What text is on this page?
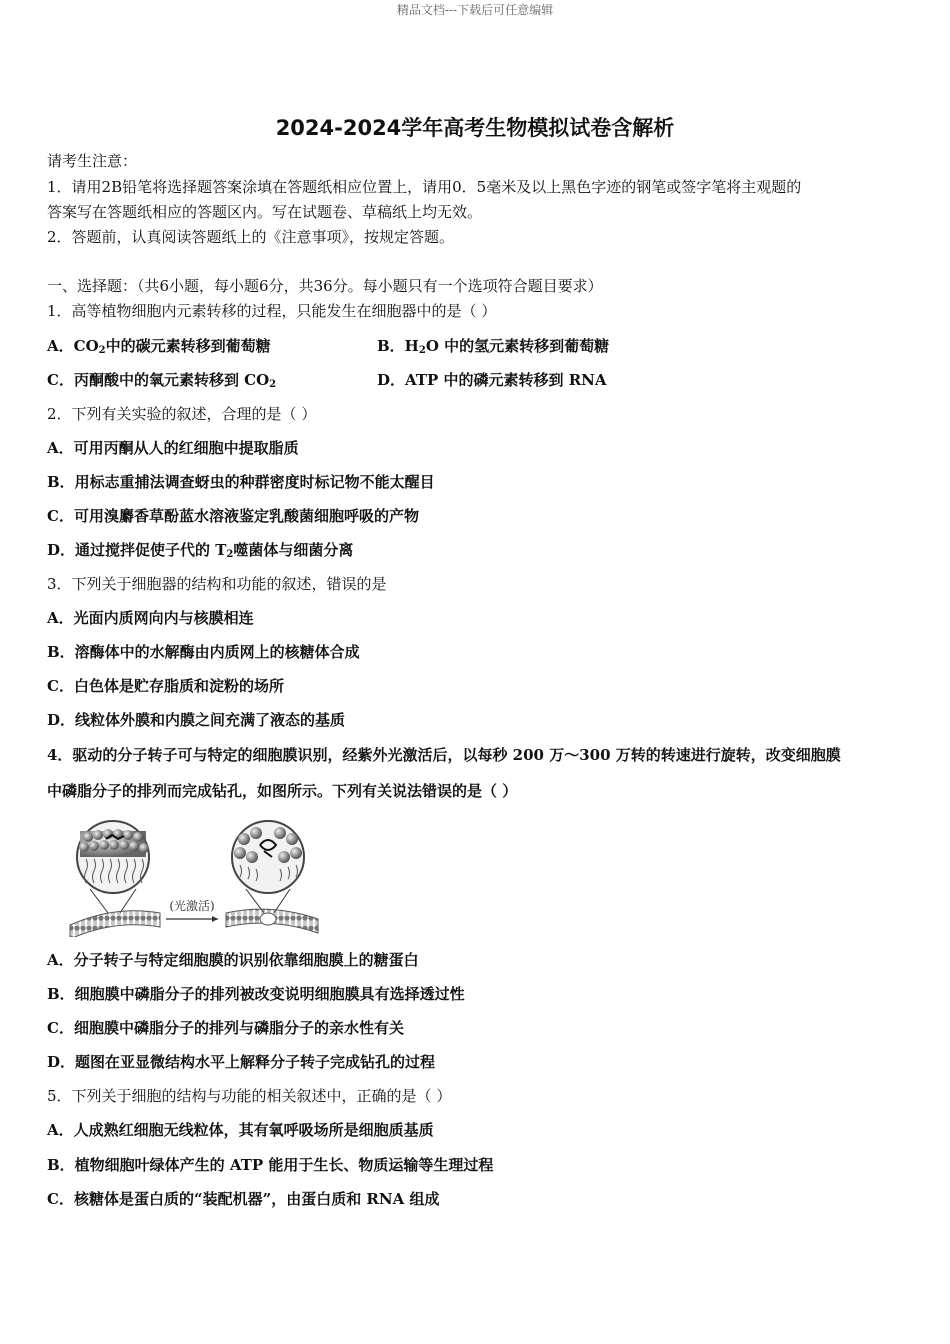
精品文档---下载后可任意编辑
2024-2024学年高考生物模拟试卷含解析
请考生注意：
1．请用2B铅笔将选择题答案涂填在答题纸相应位置上，请用0．5毫米及以上黑色字迹的钢笔或签字笔将主观题的
答案写在答题纸相应的答题区内。写在试题卷、草稿纸上均无效。
2．答题前，认真阅读答题纸上的《注意事项》，按规定答题。
一、选择题：（共6小题，每小题6分，共36分。每小题只有一个选项符合题目要求）
1．高等植物细胞内元素转移的过程，只能发生在细胞器中的是（ ）
A．$CO_2$中的碳元素转移到葡萄糖	B．$H_2O$ 中的氢元素转移到葡萄糖
C．丙酮酸中的氧元素转移到 $CO_2$	D．ATP 中的磷元素转移到 RNA
2．下列有关实验的叙述，合理的是（ ）
A．可用丙酮从人的红细胞中提取脂质
B．用标志重捕法调查蚜虫的种群密度时标记物不能太醒目
C．可用溴麝香草酚蓝水溶液鉴定乳酸菌细胞呼吸的产物
D．通过搅拌促使子代的 $T_2$噬菌体与细菌分离
3．下列关于细胞器的结构和功能的叙述，错误的是
A．光面内质网向内与核膜相连
B．溶酶体中的水解酶由内质网上的核糖体合成
C．白色体是贮存脂质和淀粉的场所
D．线粒体外膜和内膜之间充满了液态的基质
4．驱动的分子转子可与特定的细胞膜识别，经紫外光激活后，以每秒 200 万～300 万转的转速进行旋转，改变细胞膜
中磷脂分子的排列而完成钻孔，如图所示。下列有关说法错误的是（ ）
(光激活)
A．分子转子与特定细胞膜的识别依靠细胞膜上的糖蛋白
B．细胞膜中磷脂分子的排列被改变说明细胞膜具有选择透过性
C．细胞膜中磷脂分子的排列与磷脂分子的亲水性有关
D．题图在亚显微结构水平上解释分子转子完成钻孔的过程
5．下列关于细胞的结构与功能的相关叙述中，正确的是（ ）
A．人成熟红细胞无线粒体，其有氧呼吸场所是细胞质基质
B．植物细胞叶绿体产生的 ATP 能用于生长、物质运输等生理过程
C．核糖体是蛋白质的“装配机器”，由蛋白质和 RNA 组成
